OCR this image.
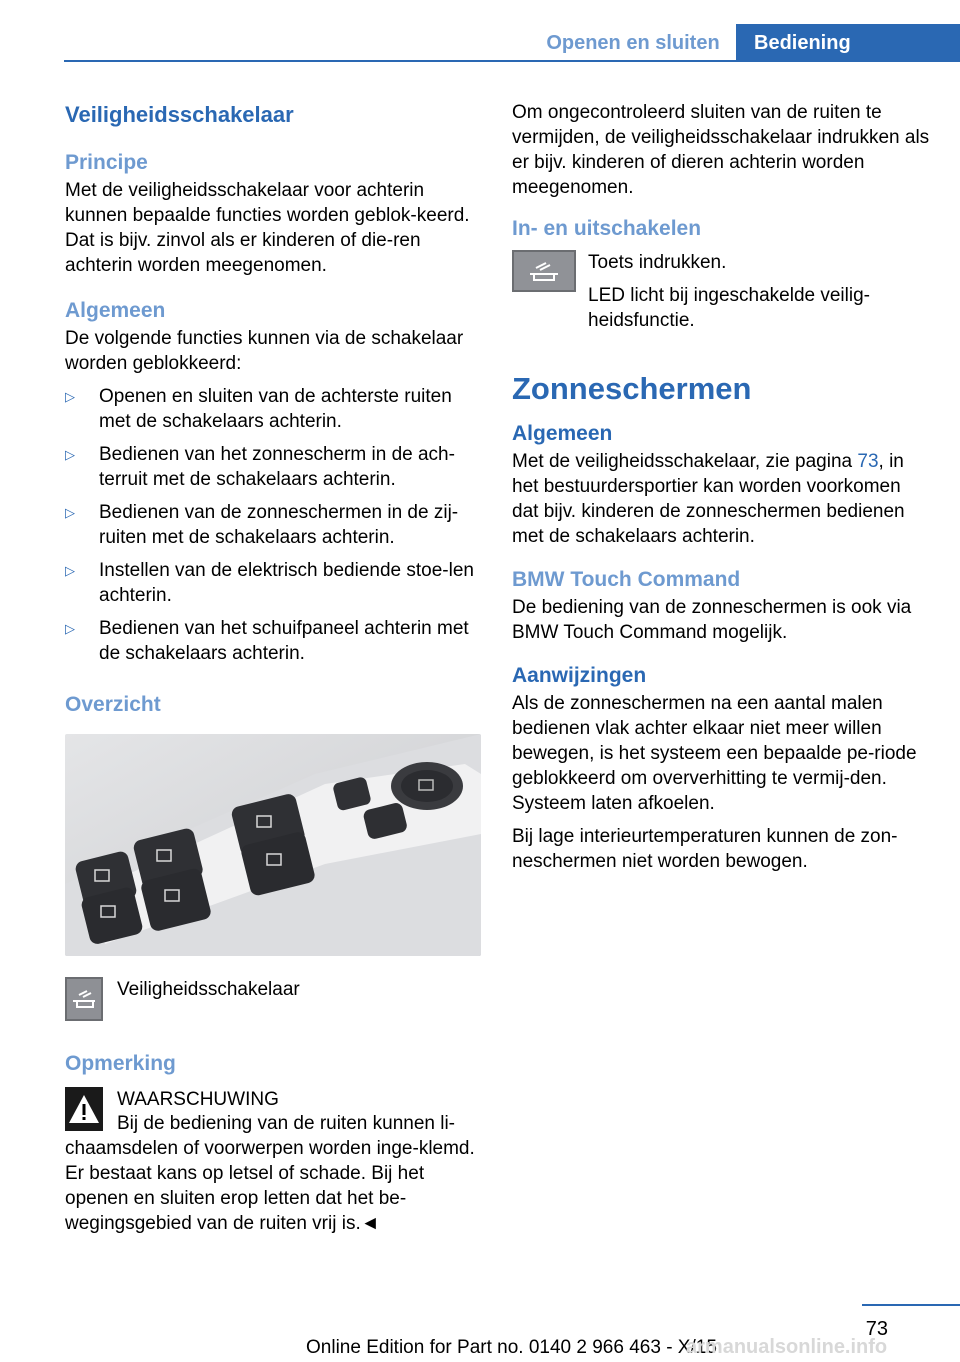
Openen en sluiten	Bediening
Veiligheidsschakelaar
Principe

Met de veiligheidsschakelaar voor achterin kunnen bepaalde functies worden geblok-keerd. Dat is bijv. zinvol als er kinderen of die-ren achterin worden meegenomen.

Algemeen

De volgende functies kunnen via de schakelaar worden geblokkeerd:

▷ Openen en sluiten van de achterste ruiten met de schakelaars achterin.
▷ Bedienen van het zonnescherm in de ach-terruit met de schakelaars achterin.
▷ Bedienen van de zonneschermen in de zij-ruiten met de schakelaars achterin.
▷ Instellen van de elektrisch bediende stoe-len achterin.
▷ Bedienen van het schuifpaneel achterin met de schakelaars achterin.
Overzicht
Veiligheidsschakelaar
Opmerking
WAARSCHUWING

Bij de bediening van de ruiten kunnen li-chaamsdelen of voorwerpen worden inge-klemd. Er bestaat kans op letsel of schade. Bij het openen en sluiten erop letten dat het be-wegingsgebied van de ruiten vrij is.◄

Om ongecontroleerd sluiten van de ruiten te vermijden, de veiligheidsschakelaar indrukken als er bijv. kinderen of dieren achterin worden meegenomen.

In- en uitschakelen
Toets indrukken.
LED licht bij ingeschakelde veilig-heidsfunctie.
Zonneschermen
Algemeen

Met de veiligheidsschakelaar, zie pagina 73, in het bestuurdersportier kan worden voorkomen dat bijv. kinderen de zonneschermen bedienen met de schakelaars achterin.

BMW Touch Command

De bediening van de zonneschermen is ook via BMW Touch Command mogelijk.

Aanwijzingen

Als de zonneschermen na een aantal malen bedienen vlak achter elkaar niet meer willen bewegen, is het systeem een bepaalde pe-riode geblokkeerd om oververhitting te vermij-den. Systeem laten afkoelen.

Bij lage interieurtemperaturen kunnen de zon-neschermen niet worden bewogen.

73
Online Edition for Part no. 0140 2 966 463 - X/15
armanualsonline.info
